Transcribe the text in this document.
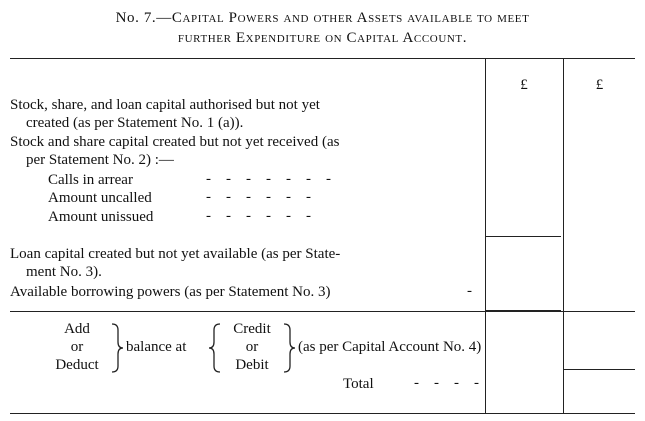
No. 7.—Capital Powers and other Assets available to meet
further Expenditure on Capital Account.
£	£
Stock, share, and loan capital authorised but not yet
created (as per Statement No. 1 (a)).
Stock and share capital created but not yet received (as
per Statement No. 2) :—
Calls in arrear	-    -    -    -    -    -    -
Amount uncalled	-    -    -    -    -    -
Amount unissued	-    -    -    -    -    -
Loan capital created but not yet available (as per State-
ment No. 3).
Available borrowing powers (as per Statement No. 3)	-
Add
or
Deduct
balance at
Credit
or
Debit
(as per Capital Account No. 4)
Total	-    -    -    -
